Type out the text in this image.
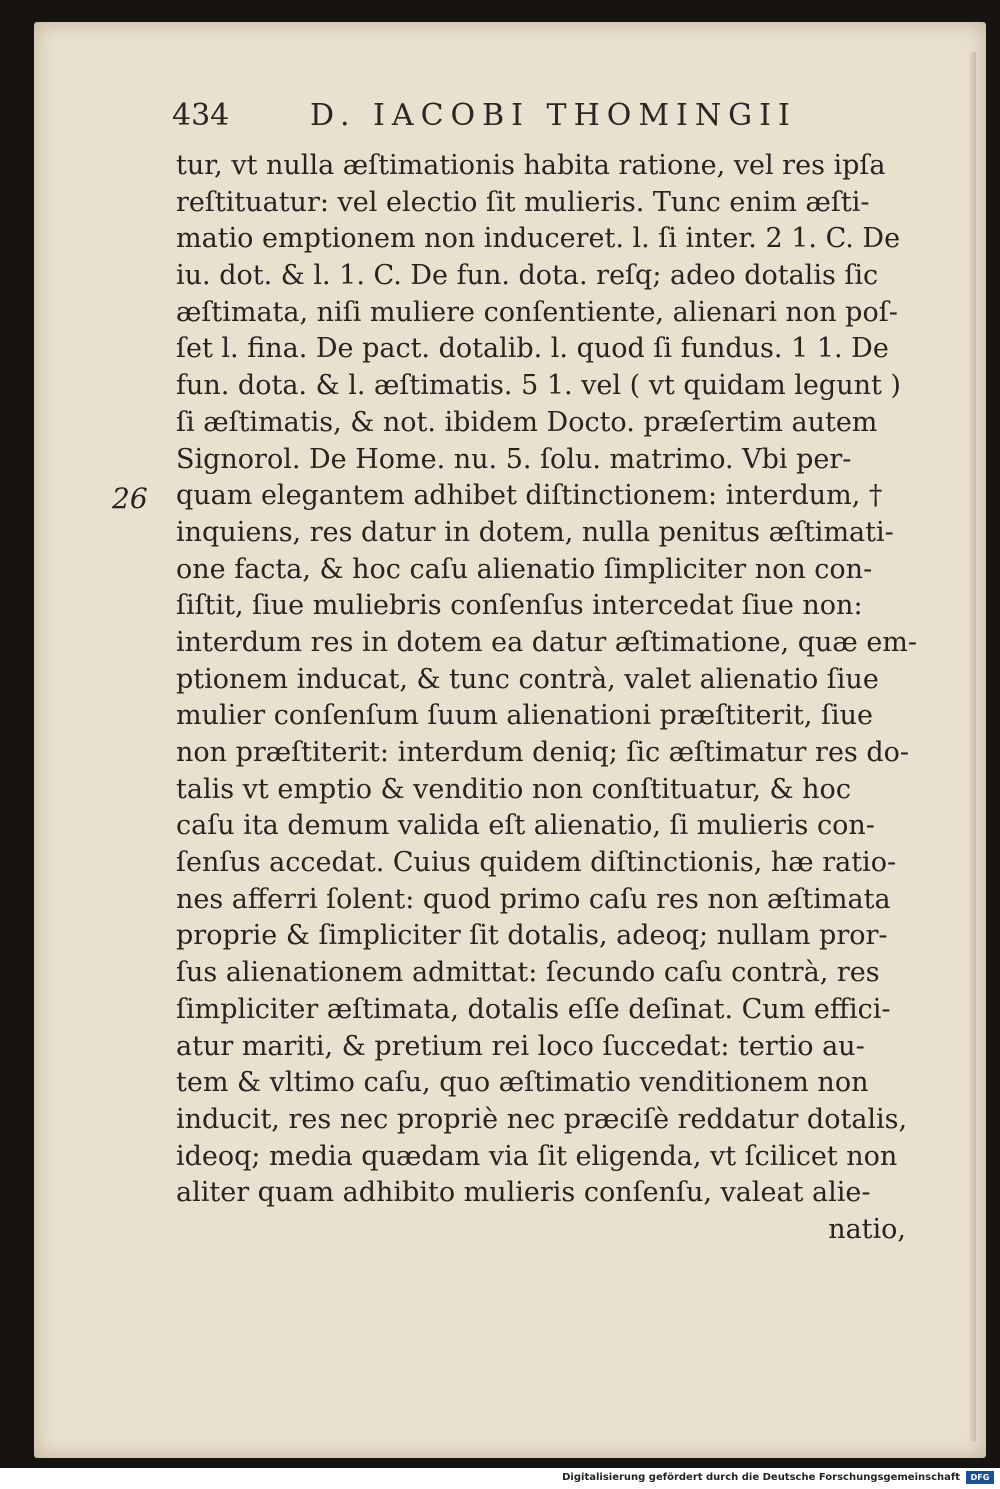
434	D. IACOBI THOMINGII
26
tur, vt nulla æſtimationis habita ratione, vel res ipſa
reſtituatur: vel electio ſit mulieris. Tunc enim æſti-
matio emptionem non induceret. l. ſi inter. 2 1. C. De
iu. dot. & l. 1. C. De fun. dota. reſq; adeo dotalis ſic
æſtimata, niſi muliere conſentiente, alienari non poſ-
ſet l. fina. De pact. dotalib. l. quod ſi fundus. 1 1. De
fun. dota. & l. æſtimatis. 5 1. vel ( vt quidam legunt )
ſi æſtimatis, & not. ibidem Docto. præſertim autem
Signorol. De Home. nu. 5. ſolu. matrimo. Vbi per-
quam elegantem adhibet diſtinctionem: interdum, †
inquiens, res datur in dotem, nulla penitus æſtimati-
one facta, & hoc caſu alienatio ſimpliciter non con-
ſiſtit, ſiue muliebris conſenſus intercedat ſiue non:
interdum res in dotem ea datur æſtimatione, quæ em-
ptionem inducat, & tunc contrà, valet alienatio ſiue
mulier conſenſum ſuum alienationi præſtiterit, ſiue
non præſtiterit: interdum deniq; ſic æſtimatur res do-
talis vt emptio & venditio non conſtituatur, & hoc
caſu ita demum valida eſt alienatio, ſi mulieris con-
ſenſus accedat. Cuius quidem diſtinctionis, hæ ratio-
nes afferri ſolent: quod primo caſu res non æſtimata
proprie & ſimpliciter ſit dotalis, adeoq; nullam pror-
ſus alienationem admittat: ſecundo caſu contrà, res
ſimpliciter æſtimata, dotalis eſſe deſinat. Cum effici-
atur mariti, & pretium rei loco ſuccedat: tertio au-
tem & vltimo caſu, quo æſtimatio venditionem non
inducit, res nec propriè nec præciſè reddatur dotalis,
ideoq; media quædam via ſit eligenda, vt ſcilicet non
aliter quam adhibito mulieris conſenſu, valeat alie-
natio,
Digitalisierung gefördert durch die Deutsche Forschungsgemeinschaft	DFG
